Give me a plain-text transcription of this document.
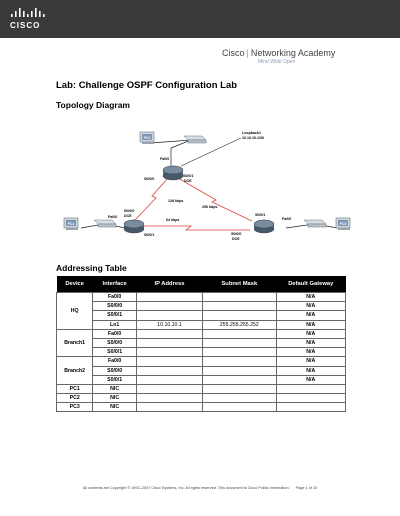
CISCO
Cisco | Networking Academy
Mind Wide Open
Lab: Challenge OSPF Configuration Lab
Topology Diagram
PC2
PC1	PC3
Loopback1
10.10.10.1/30
Fa0/0
S0/0/0
S0/0/1
DCE
128 kbps
256 kbps
64 kbps
S0/0/0
DCE
Fa0/0
S0/0/1
S0/0/1
Fa0/0
S0/0/0
DCE
Addressing Table
Device	Interface	IP Address	Subnet Mask	Default Gateway
HQ	Fa0/0			N/A
	S0/0/0			N/A
	S0/0/1			N/A
	Lo1	10.10.10.1	255.255.255.252	N/A
Branch1	Fa0/0			N/A
	S0/0/0			N/A
	S0/0/1			N/A
Branch2	Fa0/0			N/A
	S0/0/0			N/A
	S0/0/1			N/A
PC1	NIC			
PC2	NIC			
PC3	NIC			
All contents are Copyright © 1992–2007 Cisco Systems, Inc. All rights reserved. This document is Cisco Public Information. Page 1 of 10
